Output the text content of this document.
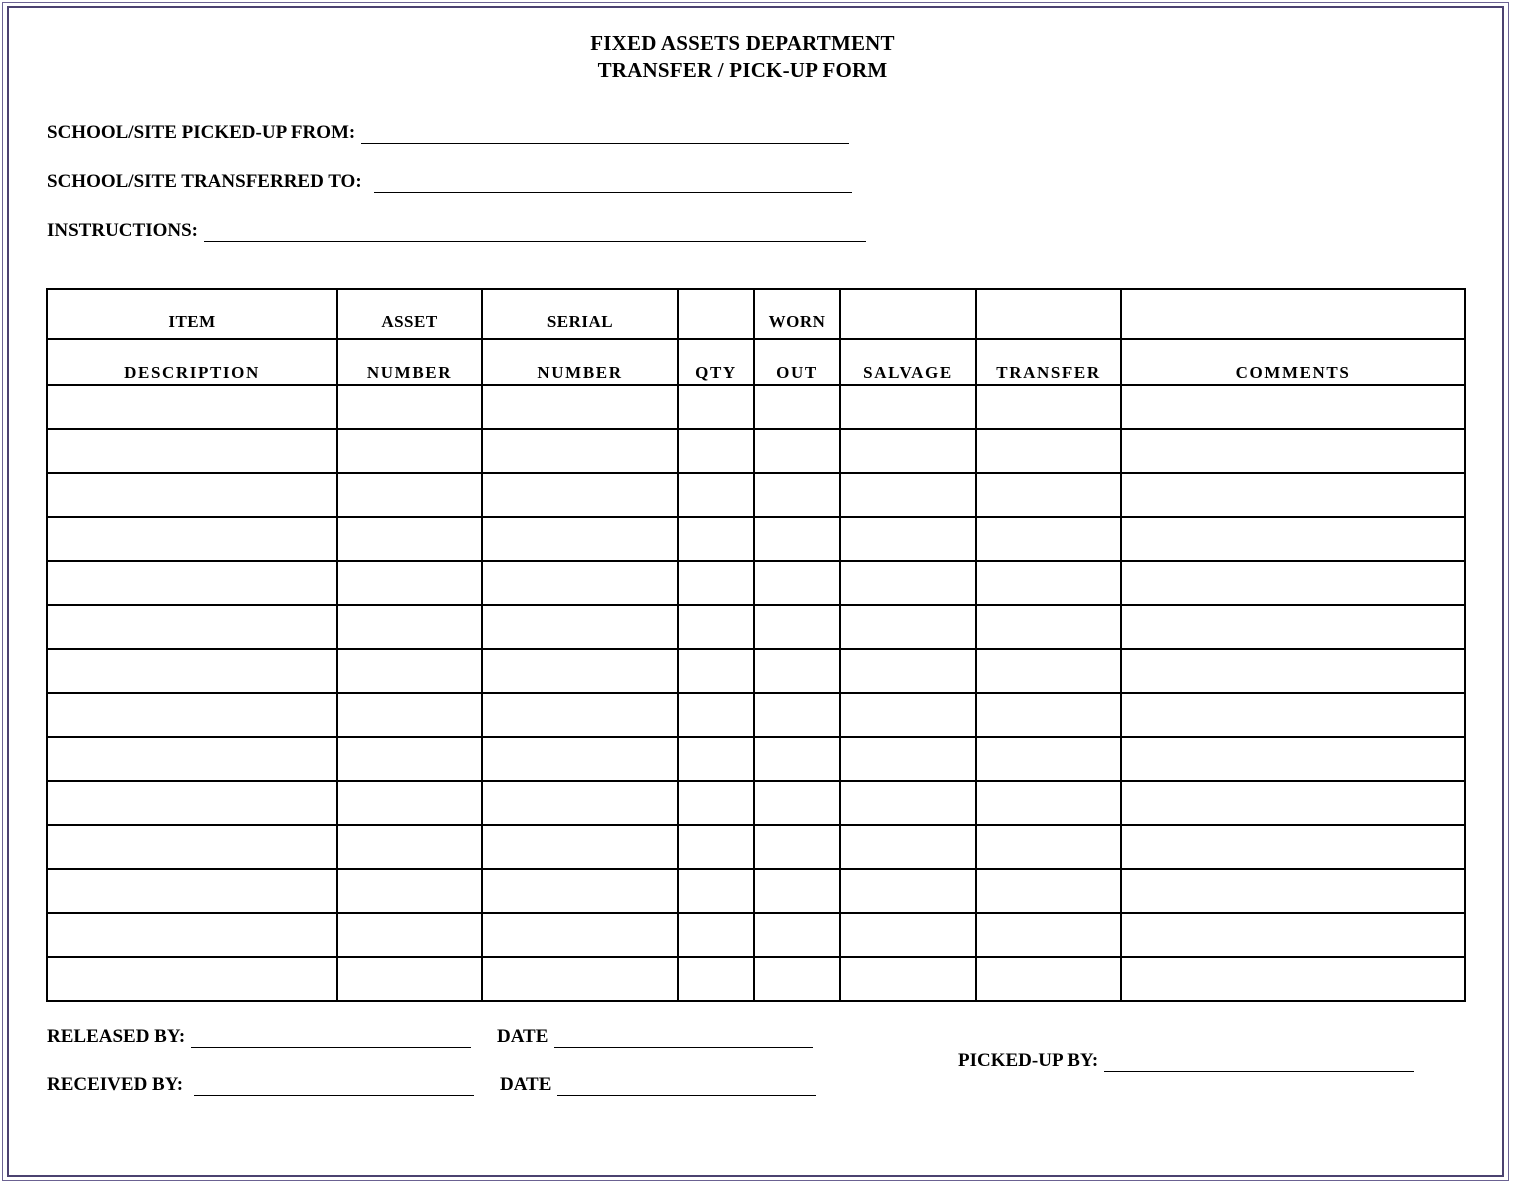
FIXED ASSETS DEPARTMENT
TRANSFER / PICK-UP FORM
SCHOOL/SITE PICKED-UP FROM:
SCHOOL/SITE TRANSFERRED TO:
INSTRUCTIONS:
ITEM	ASSET	SERIAL		WORN			
DESCRIPTION	NUMBER	NUMBER	QTY	OUT	SALVAGE	TRANSFER	COMMENTS

RELEASED BY:	DATE
RECEIVED BY:	DATE
PICKED-UP BY:
